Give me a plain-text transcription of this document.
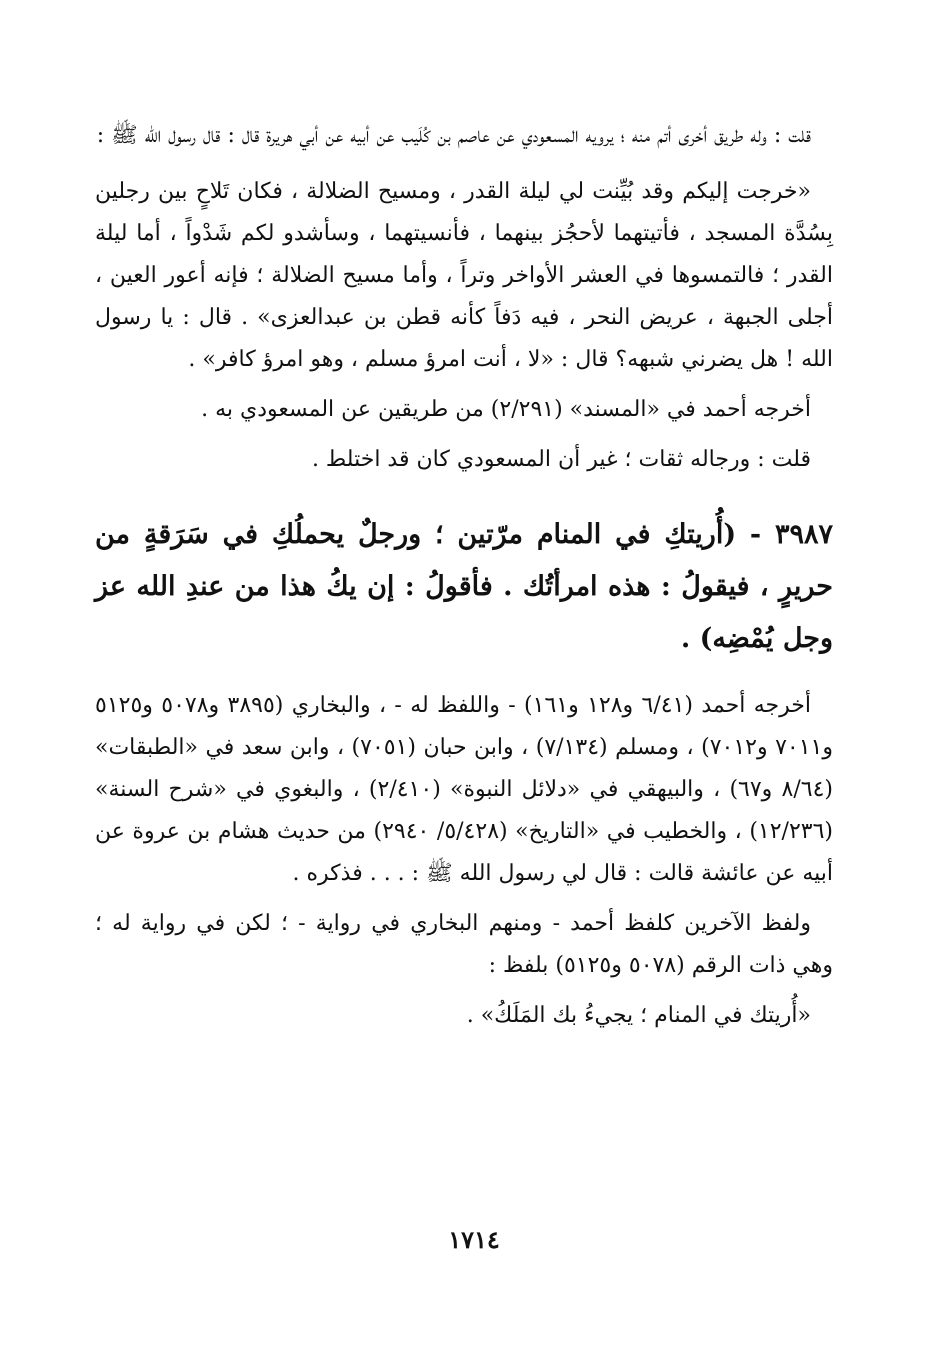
قلت : وله طريق أخرى أتم منه ؛ يرويه المسعودي عن عاصم بن كُلَيب عن أبيه عن أبي هريرة قال : قال رسول الله ﷺ :

«خرجت إليكم وقد بُيِّنت لي ليلة القدر ، ومسيح الضلالة ، فكان تَلاحٍ بين رجلين بِسُدَّة المسجد ، فأتيتهما لأحجُز بينهما ، فأنسيتهما ، وسأشدو لكم شَدْواً ، أما ليلة القدر ؛ فالتمسوها في العشر الأواخر وتراً ، وأما مسيح الضلالة ؛ فإنه أعور العين ، أجلى الجبهة ، عريض النحر ، فيه دَفاً كأنه قطن بن عبدالعزى» . قال : يا رسول الله ! هل يضرني شبهه؟ قال : «لا ، أنت امرؤ مسلم ، وهو امرؤ كافر» .

أخرجه أحمد في «المسند» (٢/٢٩١) من طريقين عن المسعودي به .

قلت : ورجاله ثقات ؛ غير أن المسعودي كان قد اختلط .

٣٩٨٧ - (أُريتكِ في المنام مرّتين ؛ ورجلٌ يحملُكِ في سَرَقةٍ من حريرٍ ، فيقولُ : هذه امرأتُك . فأقولُ : إن يكُ هذا من عندِ الله عز وجل يُمْضِه) .

أخرجه أحمد (٦/٤١ و١٢٨ و١٦١) - واللفظ له - ، والبخاري (٣٨٩٥ و٥٠٧٨ و٥١٢٥ و٧٠١١ و٧٠١٢) ، ومسلم (٧/١٣٤) ، وابن حبان (٧٠٥١) ، وابن سعد في «الطبقات» (٨/٦٤ و٦٧) ، والبيهقي في «دلائل النبوة» (٢/٤١٠) ، والبغوي في «شرح السنة» (١٢/٢٣٦) ، والخطيب في «التاريخ» (٥/٤٢٨/ ٢٩٤٠) من حديث هشام بن عروة عن أبيه عن عائشة قالت : قال لي رسول الله ﷺ : . . . فذكره .

ولفظ الآخرين كلفظ أحمد - ومنهم البخاري في رواية - ؛ لكن في رواية له ؛ وهي ذات الرقم (٥٠٧٨ و٥١٢٥) بلفظ :

«أُريتك في المنام ؛ يجيءُ بك المَلَكُ» .

١٧١٤
